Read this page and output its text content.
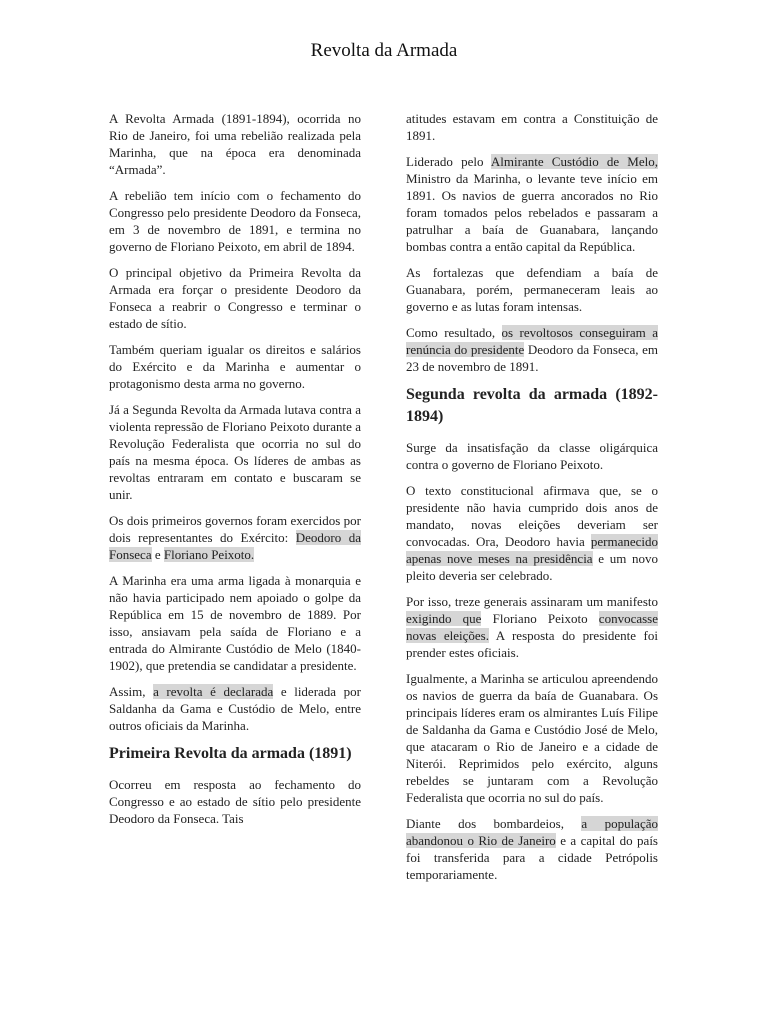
Revolta da Armada

A Revolta Armada (1891-1894), ocorrida no Rio de Janeiro, foi uma rebelião realizada pela Marinha, que na época era denominada “Armada”.

A rebelião tem início com o fechamento do Congresso pelo presidente Deodoro da Fonseca, em 3 de novembro de 1891, e termina no governo de Floriano Peixoto, em abril de 1894.

O principal objetivo da Primeira Revolta da Armada era forçar o presidente Deodoro da Fonseca a reabrir o Congresso e terminar o estado de sítio.

Também queriam igualar os direitos e salários do Exército e da Marinha e aumentar o protagonismo desta arma no governo.

Já a Segunda Revolta da Armada lutava contra a violenta repressão de Floriano Peixoto durante a Revolução Federalista que ocorria no sul do país na mesma época. Os líderes de ambas as revoltas entraram em contato e buscaram se unir.

Os dois primeiros governos foram exercidos por dois representantes do Exército: Deodoro da Fonseca e Floriano Peixoto.

A Marinha era uma arma ligada à monarquia e não havia participado nem apoiado o golpe da República em 15 de novembro de 1889. Por isso, ansiavam pela saída de Floriano e a entrada do Almirante Custódio de Melo (1840-1902), que pretendia se candidatar a presidente.

Assim, a revolta é declarada e liderada por Saldanha da Gama e Custódio de Melo, entre outros oficiais da Marinha.

Primeira Revolta da armada (1891)

Ocorreu em resposta ao fechamento do Congresso e ao estado de sítio pelo presidente Deodoro da Fonseca. Tais

atitudes estavam em contra a Constituição de 1891.

Liderado pelo Almirante Custódio de Melo, Ministro da Marinha, o levante teve início em 1891. Os navios de guerra ancorados no Rio foram tomados pelos rebelados e passaram a patrulhar a baía de Guanabara, lançando bombas contra a então capital da República.

As fortalezas que defendiam a baía de Guanabara, porém, permaneceram leais ao governo e as lutas foram intensas.

Como resultado, os revoltosos conseguiram a renúncia do presidente Deodoro da Fonseca, em 23 de novembro de 1891.

Segunda revolta da armada (1892-1894)

Surge da insatisfação da classe oligárquica contra o governo de Floriano Peixoto.

O texto constitucional afirmava que, se o presidente não havia cumprido dois anos de mandato, novas eleições deveriam ser convocadas. Ora, Deodoro havia permanecido apenas nove meses na presidência e um novo pleito deveria ser celebrado.

Por isso, treze generais assinaram um manifesto exigindo que Floriano Peixoto convocasse novas eleições. A resposta do presidente foi prender estes oficiais.

Igualmente, a Marinha se articulou apreendendo os navios de guerra da baía de Guanabara. Os principais líderes eram os almirantes Luís Filipe de Saldanha da Gama e Custódio José de Melo, que atacaram o Rio de Janeiro e a cidade de Niterói. Reprimidos pelo exército, alguns rebeldes se juntaram com a Revolução Federalista que ocorria no sul do país.

Diante dos bombardeios, a população abandonou o Rio de Janeiro e a capital do país foi transferida para a cidade Petrópolis temporariamente.
